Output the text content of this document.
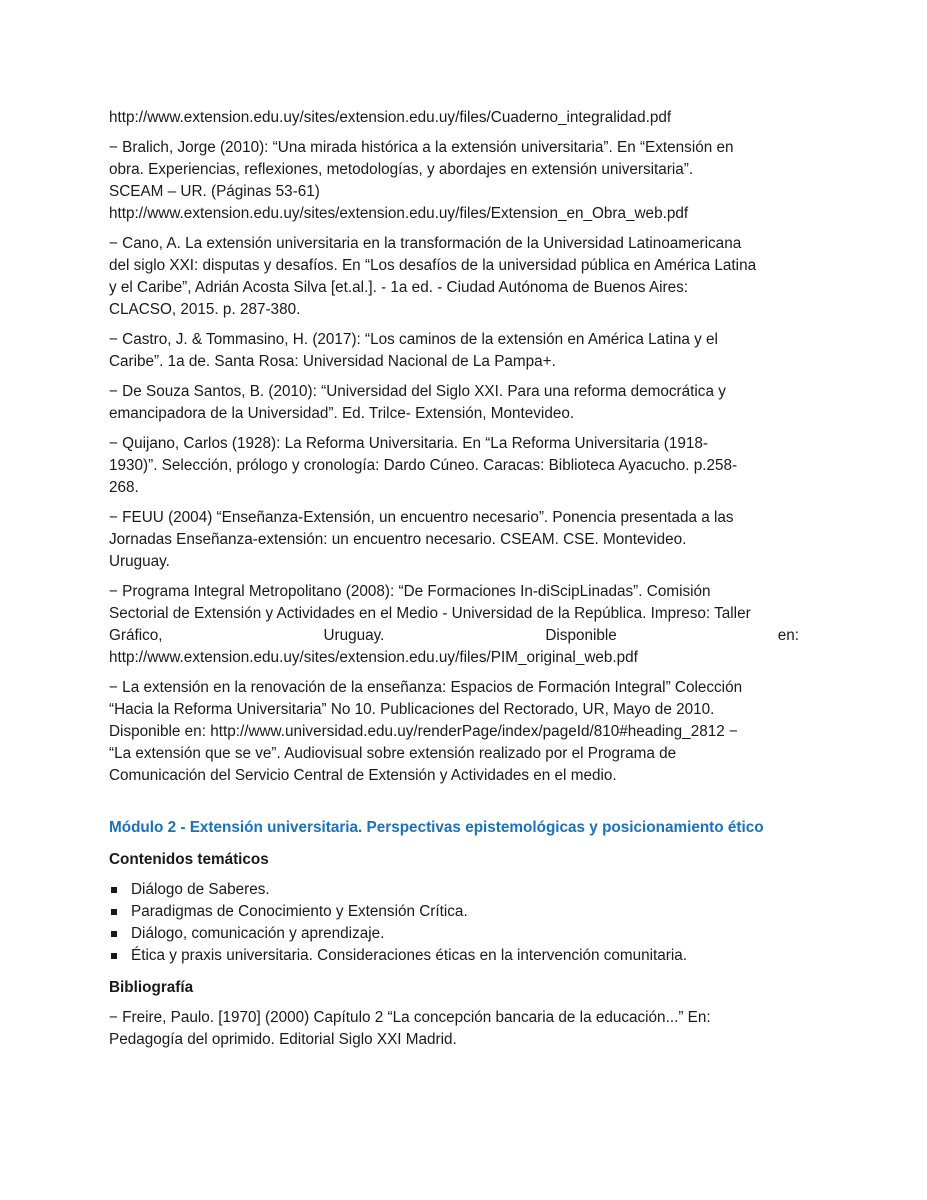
http://www.extension.edu.uy/sites/extension.edu.uy/files/Cuaderno_integralidad.pdf
− Bralich, Jorge (2010): “Una mirada histórica a la extensión universitaria”. En “Extensión en
obra. Experiencias, reflexiones, metodologías, y abordajes en extensión universitaria”.
SCEAM – UR. (Páginas 53-61)
http://www.extension.edu.uy/sites/extension.edu.uy/files/Extension_en_Obra_web.pdf
− Cano, A. La extensión universitaria en la transformación de la Universidad Latinoamericana
del siglo XXI: disputas y desafíos. En “Los desafíos de la universidad pública en América Latina
y el Caribe”, Adrián Acosta Silva [et.al.]. - 1a ed. - Ciudad Autónoma de Buenos Aires:
CLACSO, 2015. p. 287-380.
− Castro, J. & Tommasino, H. (2017): “Los caminos de la extensión en América Latina y el
Caribe”. 1a de. Santa Rosa: Universidad Nacional de La Pampa+.
− De Souza Santos, B. (2010): “Universidad del Siglo XXI. Para una reforma democrática y
emancipadora de la Universidad”. Ed. Trilce- Extensión, Montevideo.
− Quijano, Carlos (1928): La Reforma Universitaria. En “La Reforma Universitaria (1918-
1930)”. Selección, prólogo y cronología: Dardo Cúneo. Caracas: Biblioteca Ayacucho. p.258-
268.
− FEUU (2004) “Enseñanza-Extensión, un encuentro necesario”. Ponencia presentada a las
Jornadas Enseñanza-extensión: un encuentro necesario. CSEAM. CSE. Montevideo.
Uruguay.
− Programa Integral Metropolitano (2008): “De Formaciones In-diScipLinadas”. Comisión
Sectorial de Extensión y Actividades en el Medio - Universidad de la República. Impreso: Taller
Gráfico,	Uruguay.	Disponible	en:
http://www.extension.edu.uy/sites/extension.edu.uy/files/PIM_original_web.pdf
− La extensión en la renovación de la enseñanza: Espacios de Formación Integral” Colección
“Hacia la Reforma Universitaria” No 10. Publicaciones del Rectorado, UR, Mayo de 2010.
Disponible en: http://www.universidad.edu.uy/renderPage/index/pageId/810#heading_2812 −
“La extensión que se ve”. Audiovisual sobre extensión realizado por el Programa de
Comunicación del Servicio Central de Extensión y Actividades en el medio.
Módulo 2 - Extensión universitaria. Perspectivas epistemológicas y posicionamiento ético
Contenidos temáticos
Diálogo de Saberes.
Paradigmas de Conocimiento y Extensión Crítica.
Diálogo, comunicación y aprendizaje.
Ética y praxis universitaria. Consideraciones éticas en la intervención comunitaria.
Bibliografía
− Freire, Paulo. [1970] (2000) Capítulo 2 “La concepción bancaria de la educación...” En:
Pedagogía del oprimido. Editorial Siglo XXI Madrid.
